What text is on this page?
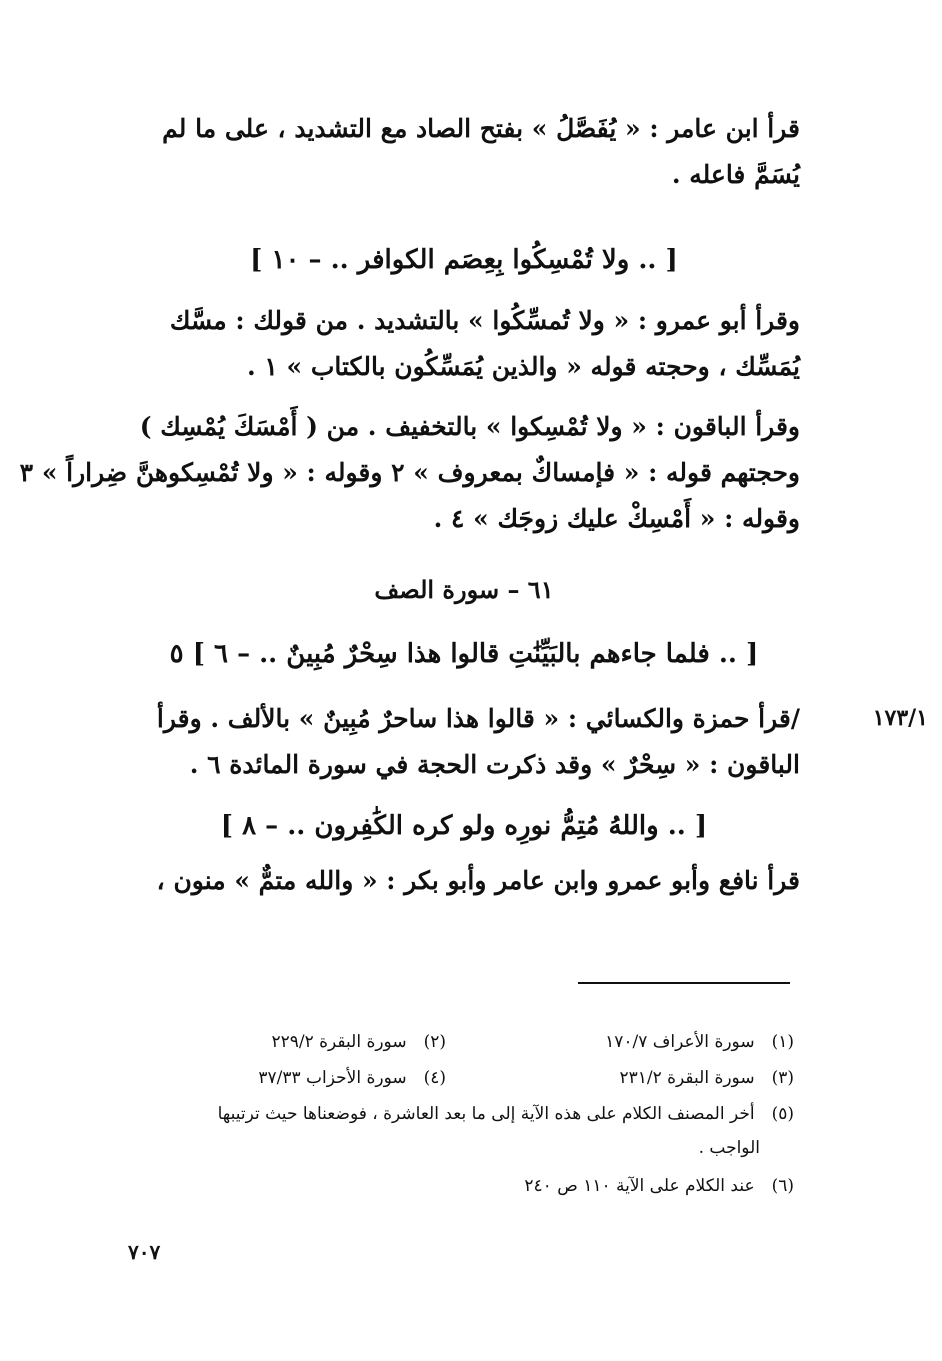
قرأ ابن عامر : « يُفَصَّلُ » بفتح الصاد مع التشديد ، على ما لم
يُسَمَّ فاعله .
[ .. ولا تُمْسِكُوا بِعِصَم الكوافر .. – ١٠ ]
وقرأ أبو عمرو : « ولا تُمسِّكُوا » بالتشديد . من قولك : مسَّك
يُمَسِّك ، وحجته قوله « والذين يُمَسِّكُون بالكتاب » ١ .
وقرأ الباقون : « ولا تُمْسِكوا » بالتخفيف . من ( أَمْسَكَ يُمْسِك )
وحجتهم قوله : « فإمساكٌ بمعروف » ٢ وقوله : « ولا تُمْسِكوهنَّ ضِراراً » ٣
وقوله : « أَمْسِكْ عليك زوجَك » ٤ .
٦١ – سورة الصف
[ .. فلما جاءهم بالبَيِّنَٰتِ قالوا هذا سِحْرٌ مُبِينٌ .. – ٦ ] ٥
١٧٣/١
/قرأ حمزة والكسائي : « قالوا هذا ساحرٌ مُبِينٌ » بالألف . وقرأ
الباقون : « سِحْرٌ » وقد ذكرت الحجة في سورة المائدة ٦ .
[ .. واللهُ مُتِمُّ نورِه ولو كره الكَٰفِرون .. – ٨ ]
قرأ نافع وأبو عمرو وابن عامر وأبو بكر : « والله متمٌّ » منون ،
(١) سورة الأعراف ١٧٠/٧
(٢) سورة البقرة ٢٢٩/٢
(٣) سورة البقرة ٢٣١/٢
(٤) سورة الأحزاب ٣٧/٣٣
(٥) أخر المصنف الكلام على هذه الآية إلى ما بعد العاشرة ، فوضعناها حيث ترتيبها
الواجب .
(٦) عند الكلام على الآية ١١٠ ص ٢٤٠
٧٠٧
